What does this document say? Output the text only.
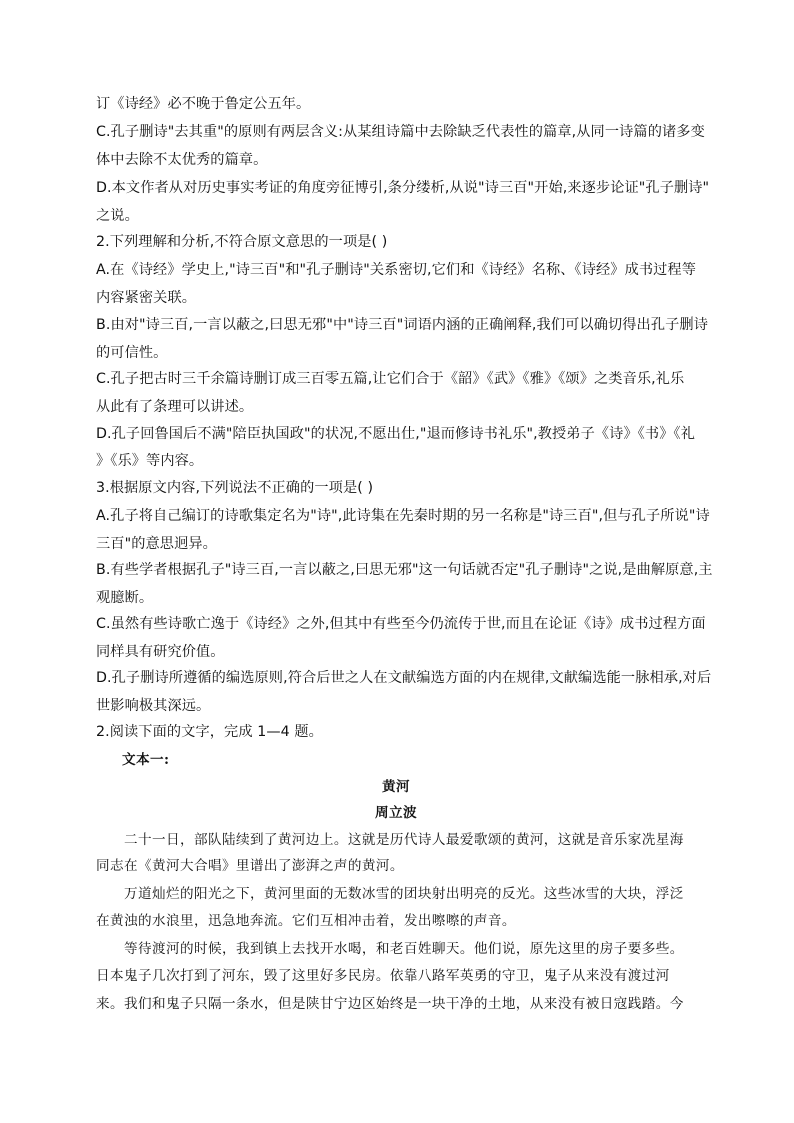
订《诗经》必不晚于鲁定公五年。
C.孔子删诗"去其重"的原则有两层含义:从某组诗篇中去除缺乏代表性的篇章,从同一诗篇的诸多变
体中去除不太优秀的篇章。
D.本文作者从对历史事实考证的角度旁征博引,条分缕析,从说"诗三百"开始,来逐步论证"孔子删诗"
之说。
2.下列理解和分析,不符合原文意思的一项是( )
A.在《诗经》学史上,"诗三百"和"孔子删诗"关系密切,它们和《诗经》名称、《诗经》成书过程等
内容紧密关联。
B.由对"诗三百,一言以蔽之,曰思无邪"中"诗三百"词语内涵的正确阐释,我们可以确切得出孔子删诗
的可信性。
C.孔子把古时三千余篇诗删订成三百零五篇,让它们合于《韶》《武》《雅》《颂》之类音乐,礼乐
从此有了条理可以讲述。
D.孔子回鲁国后不满"陪臣执国政"的状况,不愿出仕,"退而修诗书礼乐",教授弟子《诗》《书》《礼
》《乐》等内容。
3.根据原文内容,下列说法不正确的一项是( )
A.孔子将自己编订的诗歌集定名为"诗",此诗集在先秦时期的另一名称是"诗三百",但与孔子所说"诗
三百"的意思迥异。
B.有些学者根据孔子"诗三百,一言以蔽之,曰思无邪"这一句话就否定"孔子删诗"之说,是曲解原意,主
观臆断。
C.虽然有些诗歌亡逸于《诗经》之外,但其中有些至今仍流传于世,而且在论证《诗》成书过程方面
同样具有研究价值。
D.孔子删诗所遵循的编选原则,符合后世之人在文献编选方面的内在规律,文献编选能一脉相承,对后
世影响极其深远。
2.阅读下面的文字，完成 1—4 题。
文本一:
黄河
周立波
二十一日，部队陆续到了黄河边上。这就是历代诗人最爱歌颂的黄河，这就是音乐家冼星海
同志在《黄河大合唱》里谱出了澎湃之声的黄河。
万道灿烂的阳光之下，黄河里面的无数冰雪的团块射出明亮的反光。这些冰雪的大块，浮泛
在黄浊的水浪里，迅急地奔流。它们互相冲击着，发出嚓嚓的声音。
等待渡河的时候，我到镇上去找开水喝，和老百姓聊天。他们说，原先这里的房子要多些。
日本鬼子几次打到了河东，毁了这里好多民房。依靠八路军英勇的守卫，鬼子从来没有渡过河
来。我们和鬼子只隔一条水，但是陕甘宁边区始终是一块干净的土地，从来没有被日寇践踏。今
